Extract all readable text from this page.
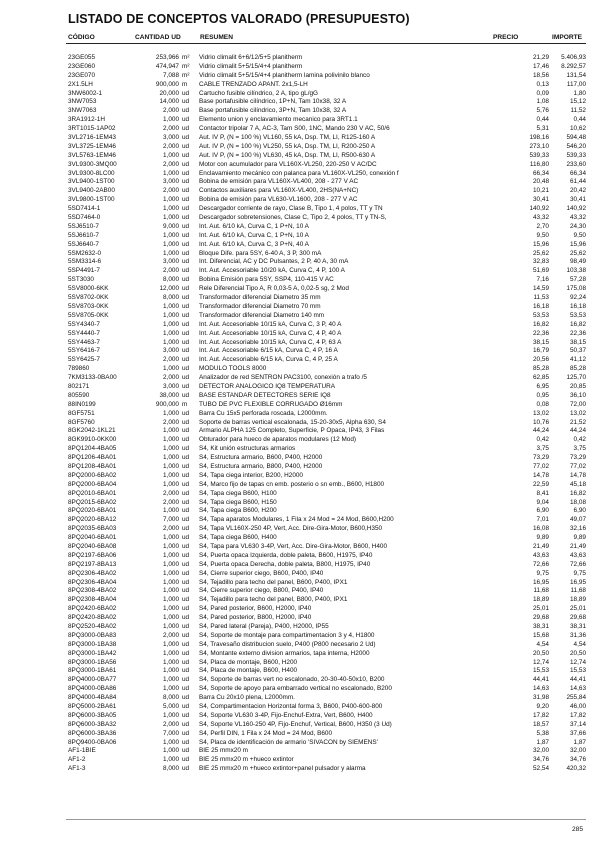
LISTADO DE CONCEPTOS VALORADO (PRESUPUESTO)
CÓDIGO	CANTIDAD UD	RESUMEN	PRECIO	IMPORTE
23GE055	253,966 m²	Vidrio climalit 6+6/12/5+5 planitherm	21,29	5.406,93
23GE060	474,947 m²	Vidrio climalit 5+5/15/4+4 planitherm	17,46	8.292,57
23GE070	7,088 m²	Vidrio climalit 5+5/15/4+4 planitherm lamina polivinilo blanco	18,56	131,54
2X1.5LH	900,000 m	CABLE TRENZADO APANT. 2x1,5-LH	0,13	117,00
3NW6002-1	20,000 ud	Cartucho fusible cilíndrico, 2 A, tipo gL/gG	0,09	1,80
3NW7053	14,000 ud	Base portafusible cilíndrico, 1P+N, Tam 10x38, 32 A	1,08	15,12
3NW7063	2,000 ud	Base portafusible cilíndrico, 3P+N, Tam 10x38, 32 A	5,76	11,52
3RA1912-1H	1,000 ud	Elemento union y enclavamiento mecanico para 3RT1.1	0,44	0,44
3RT1015-1AP02	2,000 ud	Contactor tripolar 7 A, AC-3, Tam S00, 1NC, Mando 230 V AC, 50/6	5,31	10,62
3VL2716-1EM43	3,000 ud	Aut. IV P, (N = 100 %) VL160, 55 kA, Dsp. TM, LI, R125-160 A	198,16	594,48
3VL3725-1EM46	2,000 ud	Aut. IV P, (N = 100 %) VL250, 55 kA, Dsp. TM, LI, R200-250 A	273,10	546,20
3VL5763-1EM46	1,000 ud	Aut. IV P, (N = 100 %) VL630, 45 kA, Dsp. TM, LI, R500-630 A	539,33	539,33
3VL9300-3MQ00	2,000 ud	Motor con acumulador para VL160X-VL250, 220-250 V AC/DC	116,80	233,60
3VL9300-8LC00	1,000 ud	Enclavamiento mecánico con palanca para VL160X-VL250, conexión f	66,34	66,34
3VL9400-1ST00	3,000 ud	Bobina de emisión para VL160X-VL400, 208 - 277 V AC	20,48	61,44
3VL9400-2AB00	2,000 ud	Contactos auxiliares para VL160X-VL400, 2HS(NA+NC)	10,21	20,42
3VL9800-1ST00	1,000 ud	Bobina de emisión para VL630-VL1600, 208 - 277 V AC	30,41	30,41
5SD7414-1	1,000 ud	Descargador corriente de rayo, Clase B, Tipo 1, 4 polos, TT y TN	140,92	140,92
5SD7464-0	1,000 ud	Descargador sobretensiones, Clase C, Tipo 2, 4 polos, TT y TN-S,	43,32	43,32
5SJ6510-7	9,000 ud	Int. Aut. 6/10 kA, Curva C, 1 P+N, 10 A	2,70	24,30
5SJ6610-7	1,000 ud	Int. Aut. 6/10 kA, Curva C, 1 P+N, 10 A	9,50	9,50
5SJ6640-7	1,000 ud	Int. Aut. 6/10 kA, Curva C, 3 P+N, 40 A	15,96	15,96
5SM2632-0	1,000 ud	Bloque Dife. para 5SY, 6-40 A, 3 P, 300 mA	25,62	25,62
5SM3314-6	3,000 ud	Int. Diferencial, AC y DC Pulsantes, 2 P, 40 A, 30 mA	32,83	98,49
5SP4491-7	2,000 ud	Int. Aut. Accesoriable 10/20 kA, Curva C, 4 P, 100 A	51,69	103,38
5ST3030	8,000 ud	Bobina Emisión para 5SY, SSP4, 110-415 V AC	7,16	57,28
5SV8000-6KK	12,000 ud	Rele Diferencial Tipo A, R 0,03-5 A, 0,02-5 sg, 2 Mod	14,59	175,08
5SV8702-0KK	8,000 ud	Transformador diferencial Diametro 35 mm	11,53	92,24
5SV8703-0KK	1,000 ud	Transformador diferencial Diametro 70 mm	16,18	16,18
5SV8705-0KK	1,000 ud	Transformador diferencial Diametro 140 mm	53,53	53,53
5SY4340-7	1,000 ud	Int. Aut. Accesoriable 10/15 kA, Curva C, 3 P, 40 A	16,82	16,82
5SY4440-7	1,000 ud	Int. Aut. Accesoriable 10/15 kA, Curva C, 4 P, 40 A	22,36	22,36
5SY4463-7	1,000 ud	Int. Aut. Accesoriable 10/15 kA, Curva C, 4 P, 63 A	38,15	38,15
5SY6416-7	3,000 ud	Int. Aut. Accesoriable 6/15 kA, Curva C, 4 P, 16 A	16,79	50,37
5SY6425-7	2,000 ud	Int. Aut. Accesoriable 6/15 kA, Curva C, 4 P, 25 A	20,56	41,12
789860	1,000 ud	MODULO TOOLS 8000	85,28	85,28
7KM3133-0BA00	2,000 ud	Analizador de red SENTRON PAC3100, conexión a trafo /5	62,85	125,70
802171	3,000 ud	DETECTOR ANALOGICO IQ8 TEMPERATURA	6,95	20,85
805590	38,000 ud	BASE ESTANDAR DETECTORES SERIE IQ8	0,95	36,10
88IN0199	900,000 m	TUBO DE PVC FLEXIBLE CORRUGADO Ø16mm	0,08	72,00
8GF5751	1,000 ud	Barra Cu 15x5 perforada roscada, L2000mm.	13,02	13,02
8GF5760	2,000 ud	Soporte de barras vertical escalonada, 15-20-30x5, Alpha 630, S4	10,76	21,52
8GK2042-1KL21	1,000 ud	Armario ALPHA 125 Completo, Superficie, P Opaca, IP43, 3 Filas	44,24	44,24
8GK9910-0KK00	1,000 ud	Obturador para hueco de aparatos modulares (12 Mod)	0,42	0,42
8PQ1204-4BA05	1,000 ud	S4, Kit unión estructuras armarios	3,75	3,75
8PQ1206-4BA01	1,000 ud	S4, Estructura armario, B600, P400, H2000	73,29	73,29
8PQ1208-4BA01	1,000 ud	S4, Estructura armario, B800, P400, H2000	77,02	77,02
8PQ2000-6BA02	1,000 ud	S4, Tapa ciega interior, B200, H2000	14,78	14,78
8PQ2000-6BA04	1,000 ud	S4, Marco fijo de tapas cn emb. posterio o sn emb., B600, H1800	22,59	45,18
8PQ2010-6BA01	2,000 ud	S4, Tapa ciega B600, H100	8,41	16,82
8PQ2015-6BA02	2,000 ud	S4, Tapa ciega B600, H150	9,04	18,08
8PQ2020-6BA01	1,000 ud	S4, Tapa ciega B600, H200	6,90	6,90
8PQ2020-6BA12	7,000 ud	S4, Tapa aparatos Modulares, 1 Fila x 24 Mod = 24 Mod, B600,H200	7,01	49,07
8PQ2035-6BA03	2,000 ud	S4, Tapa VL160X-250 4P, Vert, Acc. Dire-Gira-Motor, B600,H350	16,08	32,16
8PQ2040-6BA01	1,000 ud	S4, Tapa ciega B600, H400	9,89	9,89
8PQ2040-6BA08	1,000 ud	S4, Tapa para VL630 3-4P, Vert, Acc. Dire-Gira-Motor, B600, H400	21,49	21,49
8PQ2197-6BA06	1,000 ud	S4, Puerta opaca Izquierda, doble paleta, B600, H1975, IP40	43,63	43,63
8PQ2197-8BA13	1,000 ud	S4, Puerta opaca Derecha, doble paleta, B800, H1975, IP40	72,66	72,66
8PQ2306-4BA02	1,000 ud	S4, Cierre superior ciego, B600, P400, IP40	9,75	9,75
8PQ2306-4BA04	1,000 ud	S4, Tejadillo para techo del panel, B600, P400, IPX1	16,95	16,95
8PQ2308-4BA02	1,000 ud	S4, Cierre superior ciego, B800, P400, IP40	11,68	11,68
8PQ2308-4BA04	1,000 ud	S4, Tejadillo para techo del panel, B800, P400, IPX1	18,89	18,89
8PQ2420-6BA02	1,000 ud	S4, Pared posterior, B600, H2000, IP40	25,01	25,01
8PQ2420-8BA02	1,000 ud	S4, Pared posterior, B800, H2000, IP40	29,68	29,68
8PQ2520-4BA02	1,000 ud	S4, Pared lateral (Pareja), P400, H2000, IP55	38,31	38,31
8PQ3000-0BA83	2,000 ud	S4, Soporte de montaje para compartimentacion 3 y 4, H1800	15,68	31,36
8PQ3000-1BA38	1,000 ud	S4, Travesaño distribucion suelo, P400 (P800 necesario 2 Ud)	4,54	4,54
8PQ3000-1BA42	1,000 ud	S4, Montante externo division armarios, tapa interna, H2000	20,50	20,50
8PQ3000-1BA56	1,000 ud	S4, Placa de montaje, B600, H200	12,74	12,74
8PQ3000-1BA61	1,000 ud	S4, Placa de montaje, B600, H400	15,53	15,53
8PQ4000-0BA77	1,000 ud	S4, Soporte de barras vert no escalonado, 20-30-40-50x10, B200	44,41	44,41
8PQ4000-0BA86	1,000 ud	S4, Soporte de apoyo para embarrado vertical no escalonado, B200	14,63	14,63
8PQ4000-4BA84	8,000 ud	Barra Cu 20x10 plena, L2000mm.	31,98	255,84
8PQ5000-2BA61	5,000 ud	S4, Compartimentacion Horizontal forma 3, B600, P400-600-800	9,20	46,00
8PQ6000-3BA05	1,000 ud	S4, Soporte VL630 3-4P, Fijo-Enchuf-Extra, Vert, B600, H400	17,82	17,82
8PQ6000-3BA32	2,000 ud	S4, Soporte VL160-250 4P, Fijo-Enchuf, Vertical, B600, H350 (3 Ud)	18,57	37,14
8PQ6000-3BA36	7,000 ud	S4, Perfil DIN, 1 Fila x 24 Mod = 24 Mod, B600	5,38	37,66
8PQ9400-0BA06	1,000 ud	S4, Placa de identificación de armario 'SIVACON by SIEMENS'	1,87	1,87
AF1-1BIE	1,000 ud	BIE 25 mmx20 m	32,00	32,00
AF1-2	1,000 ud	BIE 25 mmx20 m +hueco extintor	34,76	34,76
AF1-3	8,000 ud	BIE 25 mmx20 m +hueco extintor+panel pulsador y alarma	52,54	420,32
285
